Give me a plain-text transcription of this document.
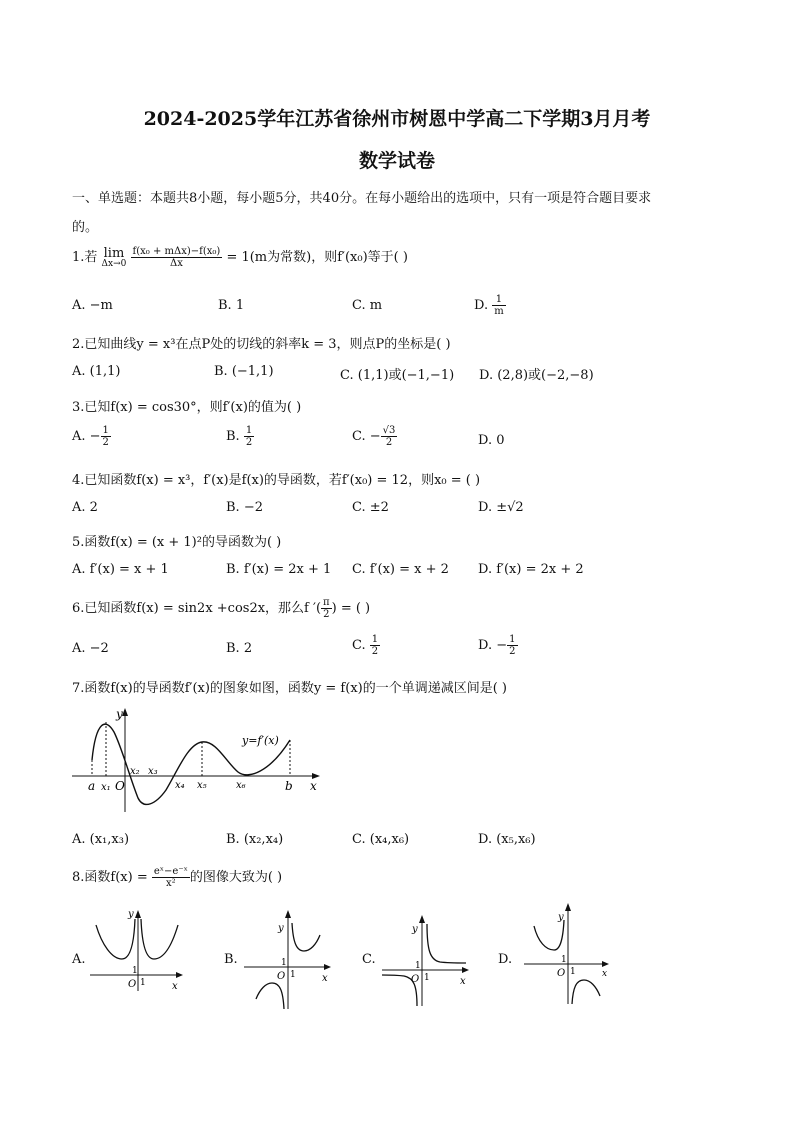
2024-2025学年江苏省徐州市树恩中学高二下学期3月月考
数学试卷
一、单选题：本题共8小题，每小题5分，共40分。在每小题给出的选项中，只有一项是符合题目要求
的。
1.若 lim
Δx→0
$\frac{\text{f(x₀ + mΔx)−f(x₀)}}{\Delta x} = 1(m$为常数)，则f′(x₀)等于( )
A. −m	B. 1	C. m	D. $\frac{1}{m}$
2.已知曲线y = x³在点P处的切线的斜率k = 3，则点P的坐标是( )
A. (1,1)	B. (−1,1)	C. (1,1)或(−1,−1) D. (2,8)或(−2,−8)
3.已知f(x) = cos30°，则f′(x)的值为( )
A. − $\frac{1}{2}$	B. $\frac{1}{2}$	C. − $\frac{√3}{2}$	D. 0
4.已知函数f(x) = x³，f′(x)是f(x)的导函数，若f′(x₀) = 12，则x₀ = ( )
A. 2	B. −2	C. ±2	D. ±√2
5.函数f(x) = (x + 1)²的导函数为( )
A. f′(x) = x + 1	B. f′(x) = 2x + 1 C. f′(x) = x + 2 D. f′(x) = 2x + 2
6.已知函数f(x) = sin2x +cos2x，那么f ′( $\frac{\pi}{2}$ ) = ( )
A. −2	B. 2	C. $\frac{1}{2}$	D. − $\frac{1}{2}$
7.函数f(x)的导函数f′(x)的图象如图，函数y = f(x)的一个单调递减区间是( )
y
x
y=f′(x)
O
a x₁
x₂ x₃
x₄ x₅	x₆	b
A. (x₁,x₃)	B. (x₂,x₄)	C. (x₄,x₆)	D. (x₅,x₆)
8.函数$f(x) = \frac{\text{eˣ−e⁻ˣ}}{\text{x²}}$ 的图像大致为( )
A.
1
1
O	x
y
B.	1
1
O	x
y
C.	1
1
O	x
y
D.	1
1
O	x
y
